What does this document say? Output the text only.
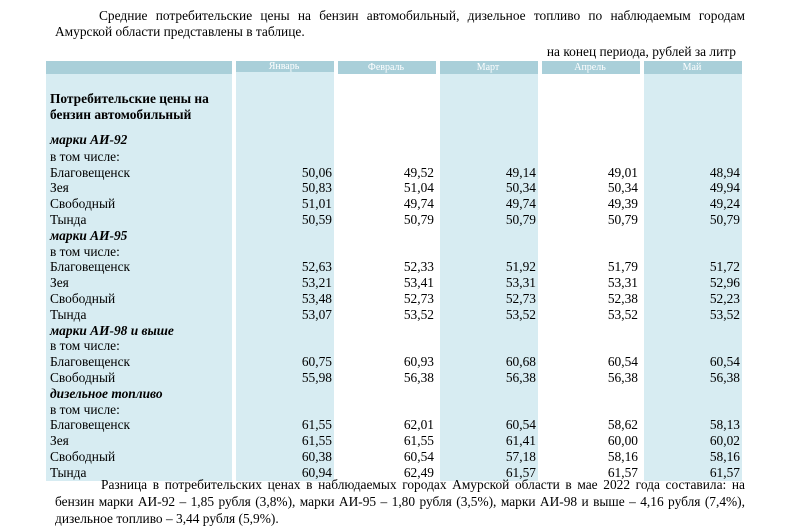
Средние потребительские цены на бензин автомобильный, дизельное топливо по наблюдаемым городам Амурской области представлены в таблице.
на конец периода, рублей за литр
		Январь		Февраль		Март		Апрель		Май
Потребительские цены на бензин автомобильный										
марки АИ-92										
в том числе:										
Благовещенск		50,06		49,52		49,14		49,01		48,94
Зея		50,83		51,04		50,34		50,34		49,94
Свободный		51,01		49,74		49,74		49,39		49,24
Тында		50,59		50,79		50,79		50,79		50,79
марки АИ-95										
в том числе:										
Благовещенск		52,63		52,33		51,92		51,79		51,72
Зея		53,21		53,41		53,31		53,31		52,96
Свободный		53,48		52,73		52,73		52,38		52,23
Тында		53,07		53,52		53,52		53,52		53,52
марки АИ-98 и выше										
в том числе:										
Благовещенск		60,75		60,93		60,68		60,54		60,54
Свободный		55,98		56,38		56,38		56,38		56,38
дизельное топливо										
в том числе:										
Благовещенск		61,55		62,01		60,54		58,62		58,13
Зея		61,55		61,55		61,41		60,00		60,02
Свободный		60,38		60,54		57,18		58,16		58,16
Тында		60,94		62,49		61,57		61,57		61,57
Разница в потребительских ценах в наблюдаемых городах Амурской области в мае 2022 года составила: на бензин марки АИ-92 – 1,85 рубля (3,8%), марки АИ-95 – 1,80 рубля (3,5%), марки АИ-98 и выше – 4,16 рубля (7,4%), дизельное топливо – 3,44 рубля (5,9%).
